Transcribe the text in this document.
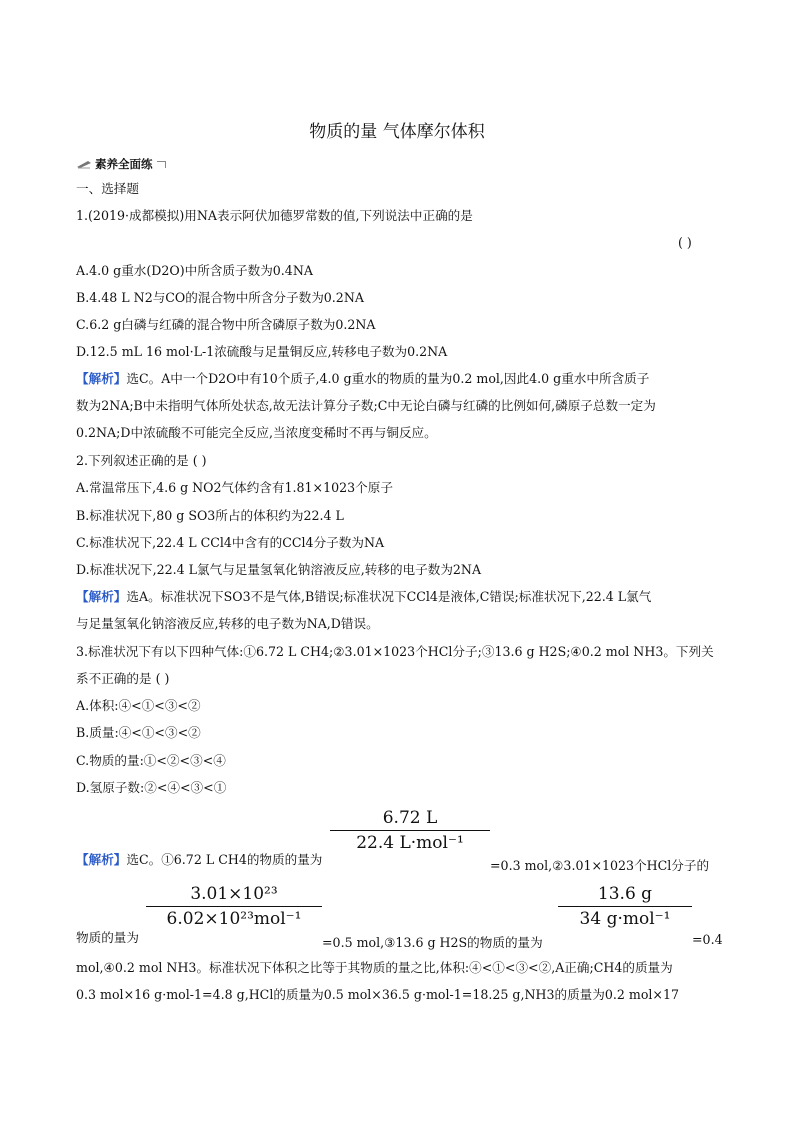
物质的量 气体摩尔体积
素养全面练
一、选择题
1.(2019·成都模拟)用NA表示阿伏加德罗常数的值,下列说法中正确的是
( )
A.4.0 g重水(D2O)中所含质子数为0.4NA
B.4.48 L N2与CO的混合物中所含分子数为0.2NA
C.6.2 g白磷与红磷的混合物中所含磷原子数为0.2NA
D.12.5 mL 16 mol·L-1浓硫酸与足量铜反应,转移电子数为0.2NA
【解析】选C。A中一个D2O中有10个质子,4.0 g重水的物质的量为0.2 mol,因此4.0 g重水中所含质子
数为2NA;B中未指明气体所处状态,故无法计算分子数;C中无论白磷与红磷的比例如何,磷原子总数一定为
0.2NA;D中浓硫酸不可能完全反应,当浓度变稀时不再与铜反应。
2.下列叙述正确的是 ( )
A.常温常压下,4.6 g NO2气体约含有1.81×1023个原子
B.标准状况下,80 g SO3所占的体积约为22.4 L
C.标准状况下,22.4 L CCl4中含有的CCl4分子数为NA
D.标准状况下,22.4 L氯气与足量氢氧化钠溶液反应,转移的电子数为2NA
【解析】选A。标准状况下SO3不是气体,B错误;标准状况下CCl4是液体,C错误;标准状况下,22.4 L氯气
与足量氢氧化钠溶液反应,转移的电子数为NA,D错误。
3.标准状况下有以下四种气体:①6.72 L CH4;②3.01×1023个HCl分子;③13.6 g H2S;④0.2 mol NH3。下列关
系不正确的是 ( )
A.体积:④<①<③<②
B.质量:④<①<③<②
C.物质的量:①<②<③<④
D.氢原子数:②<④<③<①
【解析】选C。①6.72 L CH4的物质的量为
6.72 L
22.4 L·mol⁻¹
=0.3 mol,②3.01×1023个HCl分子的
物质的量为
3.01×10²³
6.02×10²³mol⁻¹
=0.5 mol,③13.6 g H2S的物质的量为
13.6 g
34 g·mol⁻¹
=0.4
mol,④0.2 mol NH3。标准状况下体积之比等于其物质的量之比,体积:④<①<③<②,A正确;CH4的质量为
0.3 mol×16 g·mol-1=4.8 g,HCl的质量为0.5 mol×36.5 g·mol-1=18.25 g,NH3的质量为0.2 mol×17
